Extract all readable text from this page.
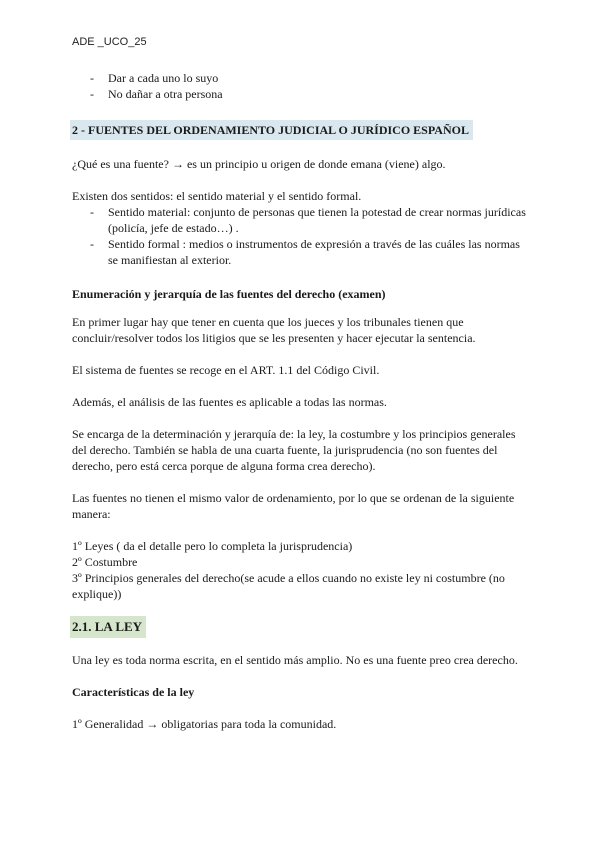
ADE _UCO_25
- Dar a cada uno lo suyo
- No dañar a otra persona

2 - FUENTES DEL ORDENAMIENTO JUDICIAL O JURÍDICO ESPAÑOL

¿Qué es una fuente? → es un principio u origen de donde emana (viene) algo.

Existen dos sentidos: el sentido material y el sentido formal.

- Sentido material: conjunto de personas que tienen la potestad de crear normas jurídicas (policía, jefe de estado…) .
- Sentido formal : medios o instrumentos de expresión a través de las cuáles las normas se manifiestan al exterior.

Enumeración y jerarquía de las fuentes del derecho (examen)

En primer lugar hay que tener en cuenta que los jueces y los tribunales tienen que concluir/resolver todos los litigios que se les presenten y hacer ejecutar la sentencia.

El sistema de fuentes se recoge en el ART. 1.1 del Código Civil.

Además, el análisis de las fuentes es aplicable a todas las normas.

Se encarga de la determinación y jerarquía de: la ley, la costumbre y los principios generales del derecho. También se habla de una cuarta fuente, la jurisprudencia (no son fuentes del derecho, pero está cerca porque de alguna forma crea derecho).

Las fuentes no tienen el mismo valor de ordenamiento, por lo que se ordenan de la siguiente manera:

1º Leyes ( da el detalle pero lo completa la jurisprudencia)

2º Costumbre

3º Principios generales del derecho(se acude a ellos cuando no existe ley ni costumbre (no explique))

2.1. LA LEY

Una ley es toda norma escrita, en el sentido más amplio. No es una fuente preo crea derecho.

Características de la ley

1º Generalidad → obligatorias para toda la comunidad.
